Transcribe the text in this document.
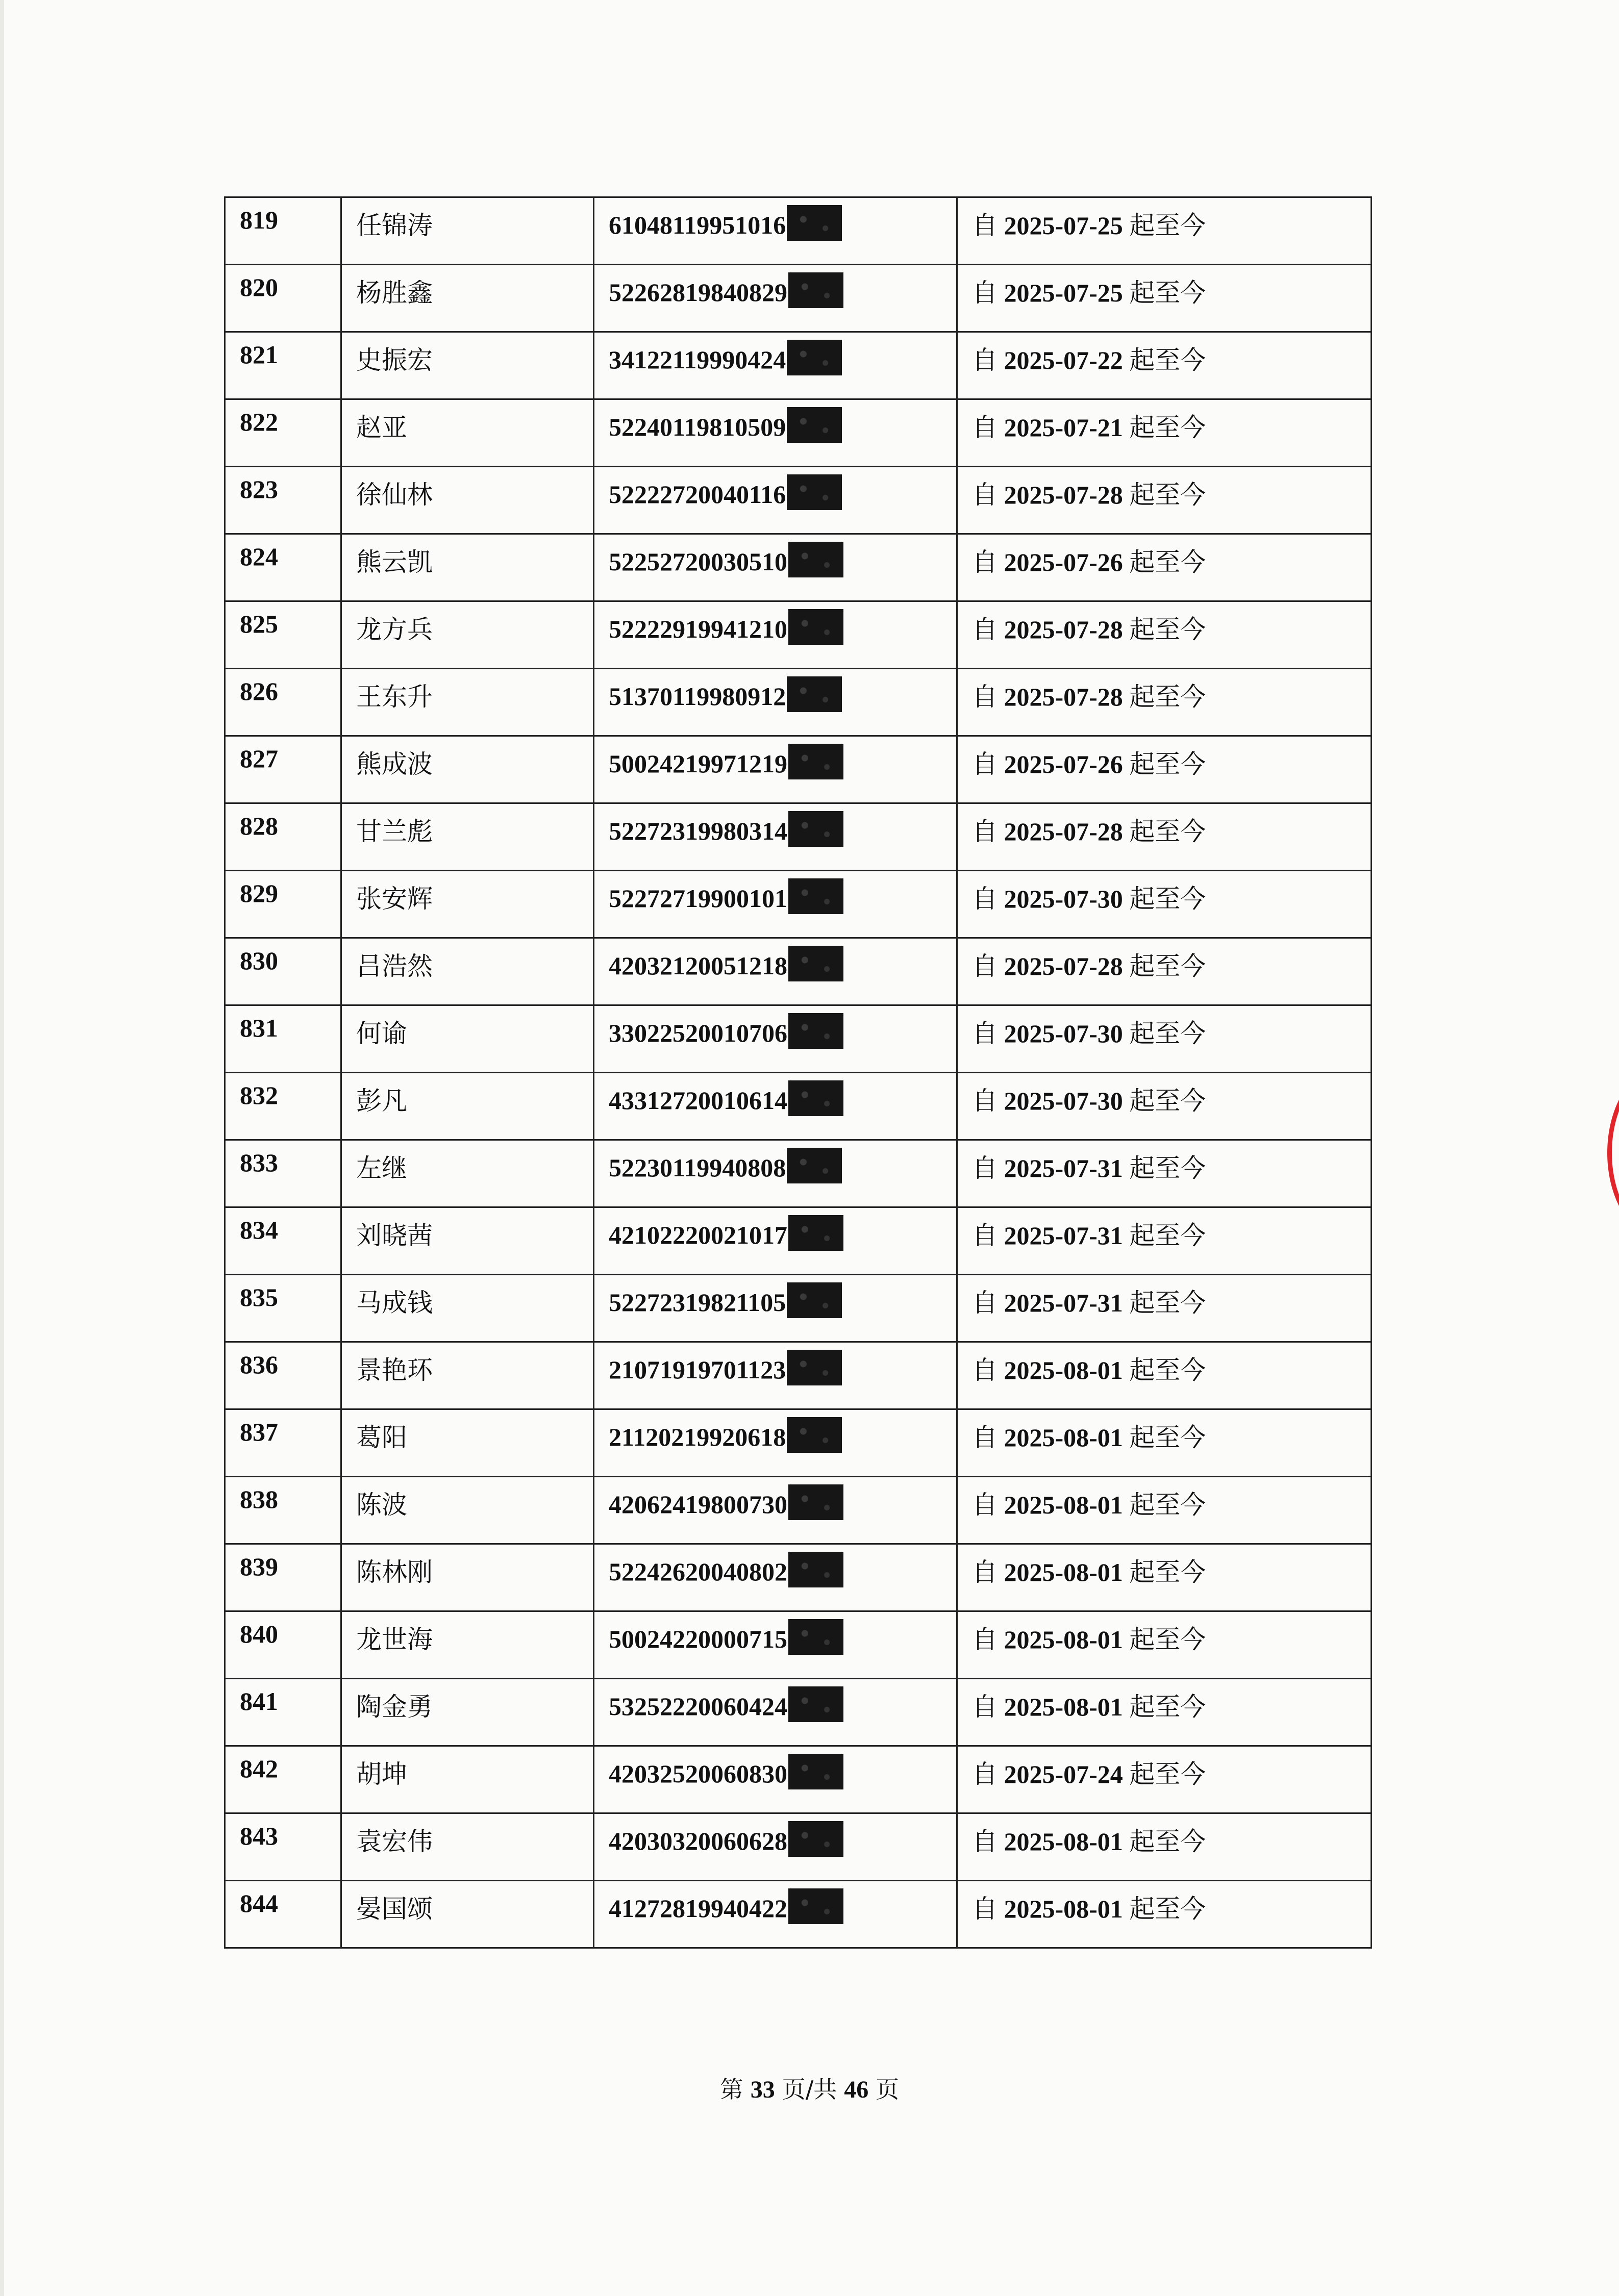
819	任锦涛	61048119951016	自 2025-07-25 起至今
820	杨胜鑫	52262819840829	自 2025-07-25 起至今
821	史振宏	34122119990424	自 2025-07-22 起至今
822	赵亚	52240119810509	自 2025-07-21 起至今
823	徐仙林	52222720040116	自 2025-07-28 起至今
824	熊云凯	52252720030510	自 2025-07-26 起至今
825	龙方兵	52222919941210	自 2025-07-28 起至今
826	王东升	51370119980912	自 2025-07-28 起至今
827	熊成波	50024219971219	自 2025-07-26 起至今
828	甘兰彪	52272319980314	自 2025-07-28 起至今
829	张安辉	52272719900101	自 2025-07-30 起至今
830	吕浩然	42032120051218	自 2025-07-28 起至今
831	何谕	33022520010706	自 2025-07-30 起至今
832	彭凡	43312720010614	自 2025-07-30 起至今
833	左继	52230119940808	自 2025-07-31 起至今
834	刘晓茜	42102220021017	自 2025-07-31 起至今
835	马成钱	52272319821105	自 2025-07-31 起至今
836	景艳环	21071919701123	自 2025-08-01 起至今
837	葛阳	21120219920618	自 2025-08-01 起至今
838	陈波	42062419800730	自 2025-08-01 起至今
839	陈林刚	52242620040802	自 2025-08-01 起至今
840	龙世海	50024220000715	自 2025-08-01 起至今
841	陶金勇	53252220060424	自 2025-08-01 起至今
842	胡坤	42032520060830	自 2025-07-24 起至今
843	袁宏伟	42030320060628	自 2025-08-01 起至今
844	晏国颂	41272819940422	自 2025-08-01 起至今
第 33 页/共 46 页
